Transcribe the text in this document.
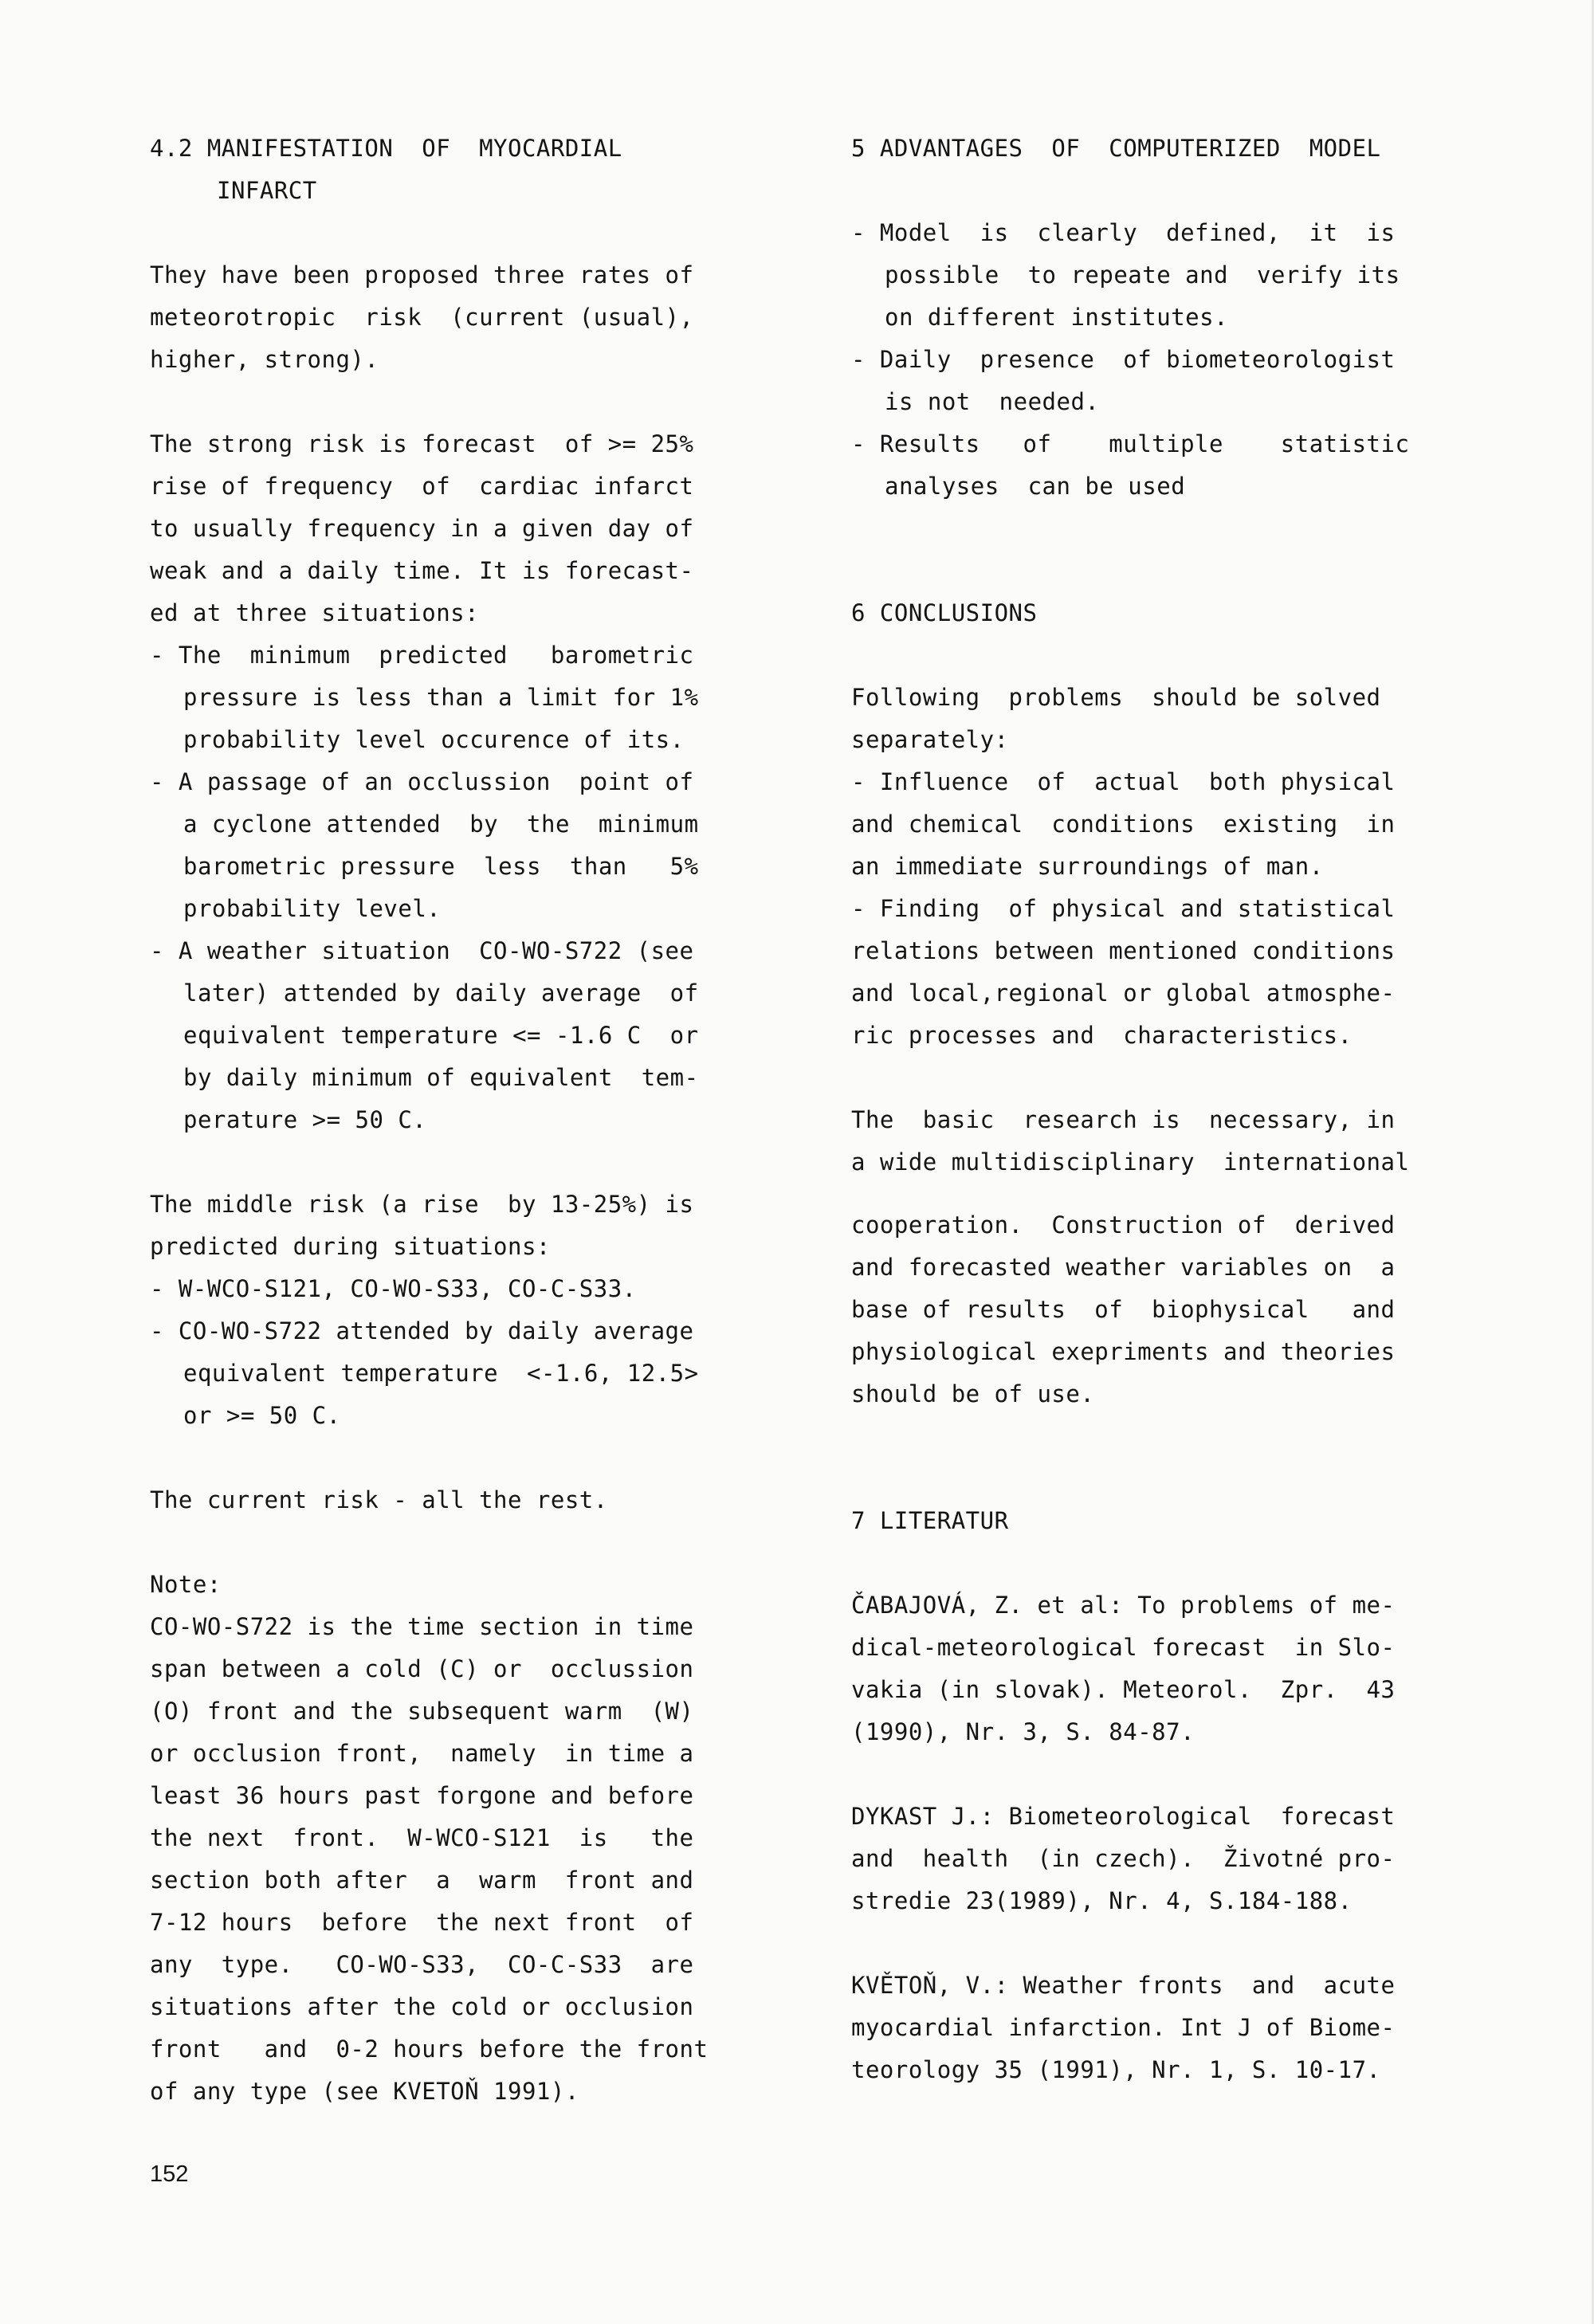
4.2 MANIFESTATION  OF  MYOCARDIAL
INFARCT
They have been proposed three rates of
meteorotropic  risk  (current (usual),
higher, strong).
The strong risk is forecast  of >= 25%
rise of frequency  of  cardiac infarct
to usually frequency in a given day of
weak and a daily time. It is forecast-
ed at three situations:
- The  minimum  predicted   barometric
pressure is less than a limit for 1%
probability level occurence of its.
- A passage of an occlussion  point of
a cyclone attended  by  the  minimum
barometric pressure  less  than   5%
probability level.
- A weather situation  CO-WO-S722 (see
later) attended by daily average  of
equivalent temperature <= -1.6 C  or
by daily minimum of equivalent  tem-
perature >= 50 C.
The middle risk (a rise  by 13-25%) is
predicted during situations:
- W-WCO-S121, CO-WO-S33, CO-C-S33.
- CO-WO-S722 attended by daily average
equivalent temperature  <-1.6, 12.5>
or >= 50 C.
The current risk - all the rest.
Note:
CO-WO-S722 is the time section in time
span between a cold (C) or  occlussion
(O) front and the subsequent warm  (W)
or occlusion front,  namely  in time a
least 36 hours past forgone and before
the next  front.  W-WCO-S121  is   the
section both after  a  warm  front and
7-12 hours  before  the next front  of
any  type.   CO-WO-S33,  CO-C-S33  are
situations after the cold or occlusion
front   and  0-2 hours before the front
of any type (see KVETOŇ 1991).
5 ADVANTAGES  OF  COMPUTERIZED  MODEL
- Model  is  clearly  defined,  it  is
possible  to repeate and  verify its
on different institutes.
- Daily  presence  of biometeorologist
is not  needed.
- Results   of    multiple    statistic
analyses  can be used
6 CONCLUSIONS
Following  problems  should be solved
separately:
- Influence  of  actual  both physical
and chemical  conditions  existing  in
an immediate surroundings of man.
- Finding  of physical and statistical
relations between mentioned conditions
and local,regional or global atmosphe-
ric processes and  characteristics.
The  basic  research is  necessary, in
a wide multidisciplinary  international
cooperation.  Construction of  derived
and forecasted weather variables on  a
base of results  of  biophysical   and
physiological exepriments and theories
should be of use.
7 LITERATUR
ČABAJOVÁ, Z. et al: To problems of me-
dical-meteorological forecast  in Slo-
vakia (in slovak). Meteorol.  Zpr.  43
(1990), Nr. 3, S. 84-87.
DYKAST J.: Biometeorological  forecast
and  health  (in czech).  Životné pro-
stredie 23(1989), Nr. 4, S.184-188.
KVĚTOŇ, V.: Weather fronts  and  acute
myocardial infarction. Int J of Biome-
teorology 35 (1991), Nr. 1, S. 10-17.
152
